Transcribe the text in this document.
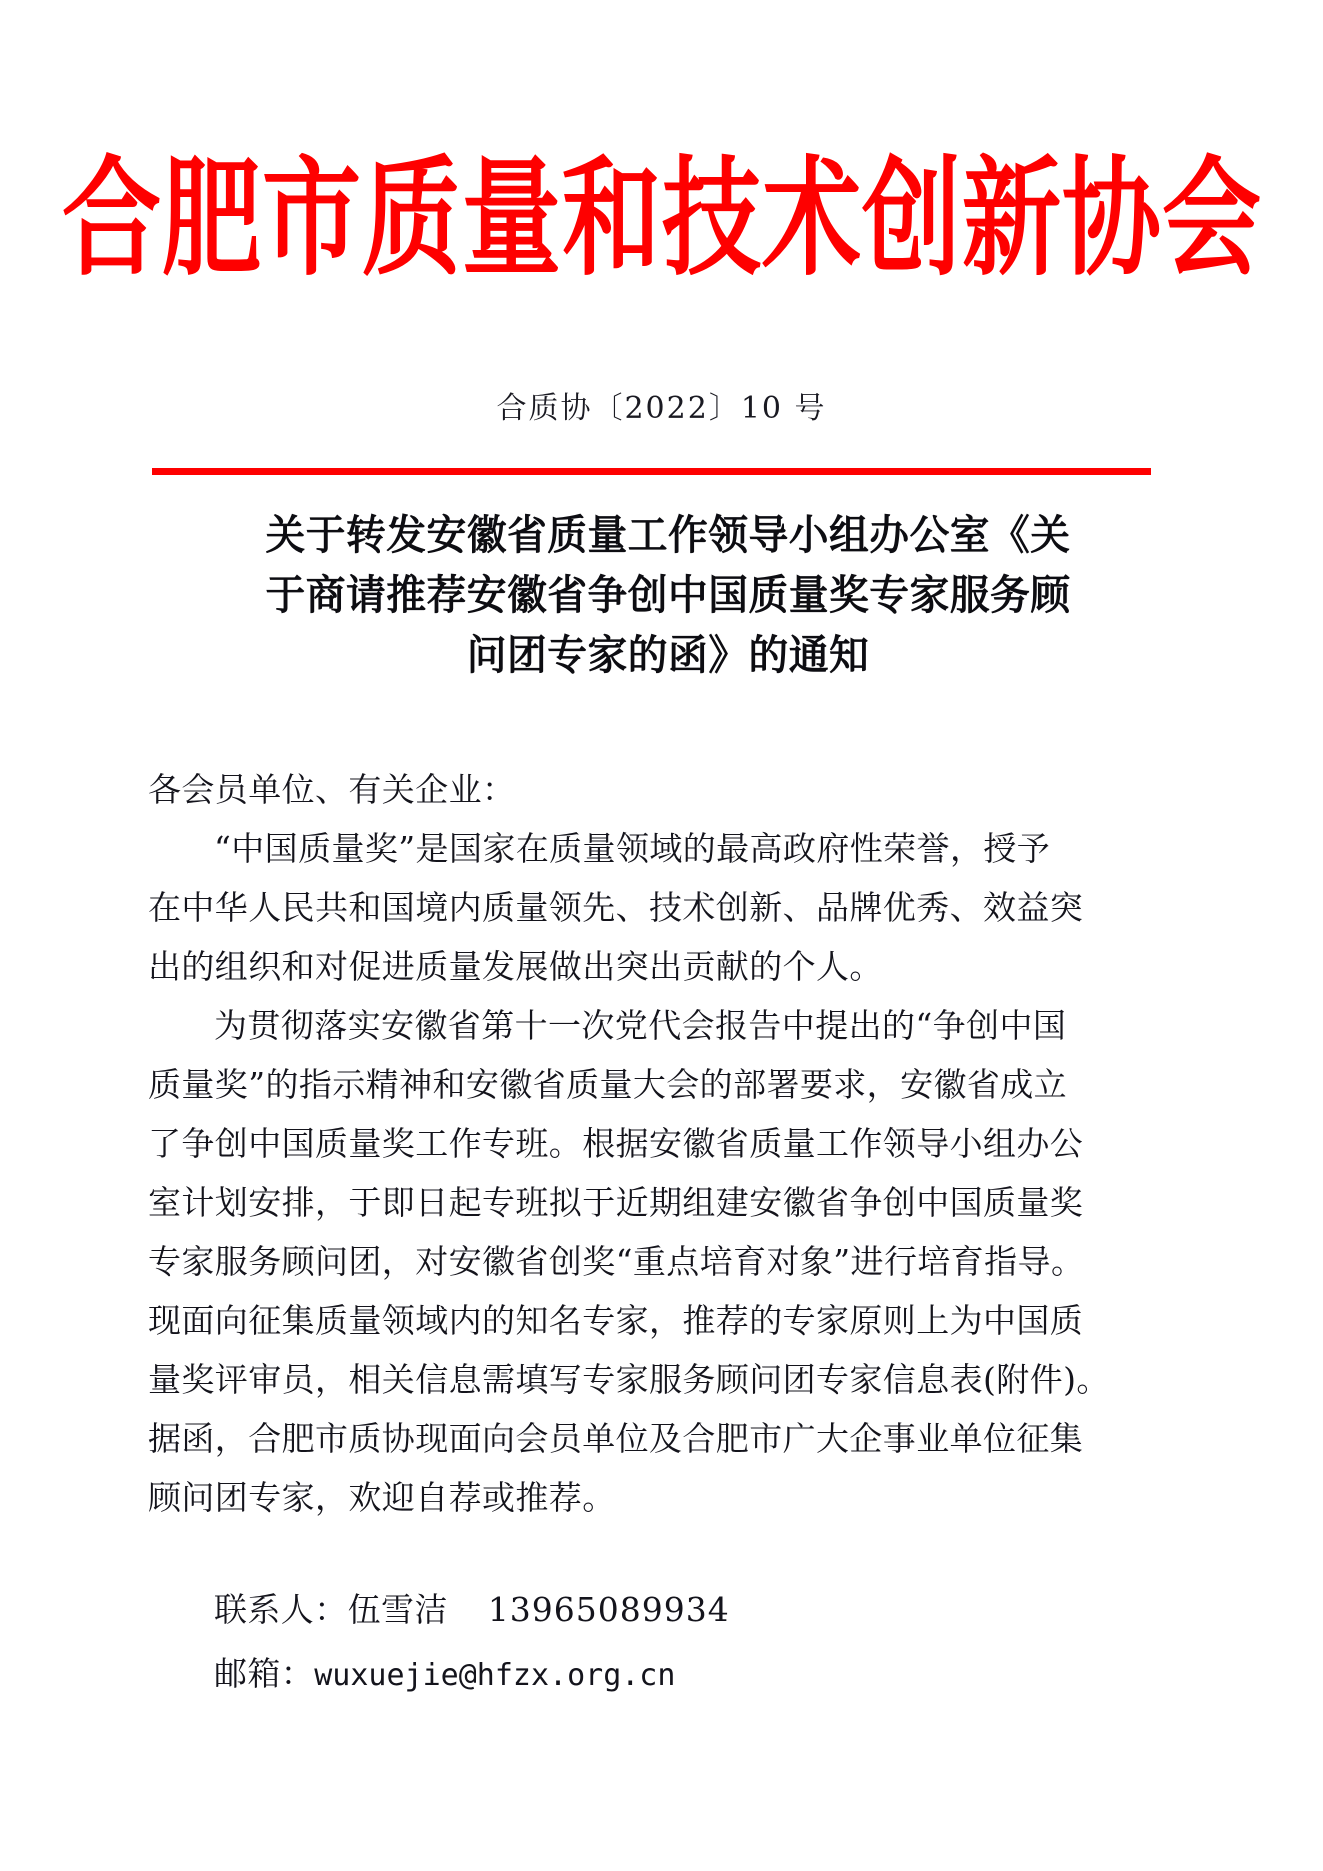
合肥市质量和技术创新协会
合质协〔2022〕10 号
关于转发安徽省质量工作领导小组办公室《关
于商请推荐安徽省争创中国质量奖专家服务顾
问团专家的函》的通知
各会员单位、有关企业：
“中国质量奖”是国家在质量领域的最高政府性荣誉，授予
在中华人民共和国境内质量领先、技术创新、品牌优秀、效益突
出的组织和对促进质量发展做出突出贡献的个人。
为贯彻落实安徽省第十一次党代会报告中提出的“争创中国
质量奖”的指示精神和安徽省质量大会的部署要求，安徽省成立
了争创中国质量奖工作专班。根据安徽省质量工作领导小组办公
室计划安排，于即日起专班拟于近期组建安徽省争创中国质量奖
专家服务顾问团，对安徽省创奖“重点培育对象”进行培育指导。
现面向征集质量领域内的知名专家，推荐的专家原则上为中国质
量奖评审员，相关信息需填写专家服务顾问团专家信息表(附件)。
据函，合肥市质协现面向会员单位及合肥市广大企事业单位征集
顾问团专家，欢迎自荐或推荐。
联系人：伍雪洁 13965089934
邮箱：wuxuejie@hfzx.org.cn
